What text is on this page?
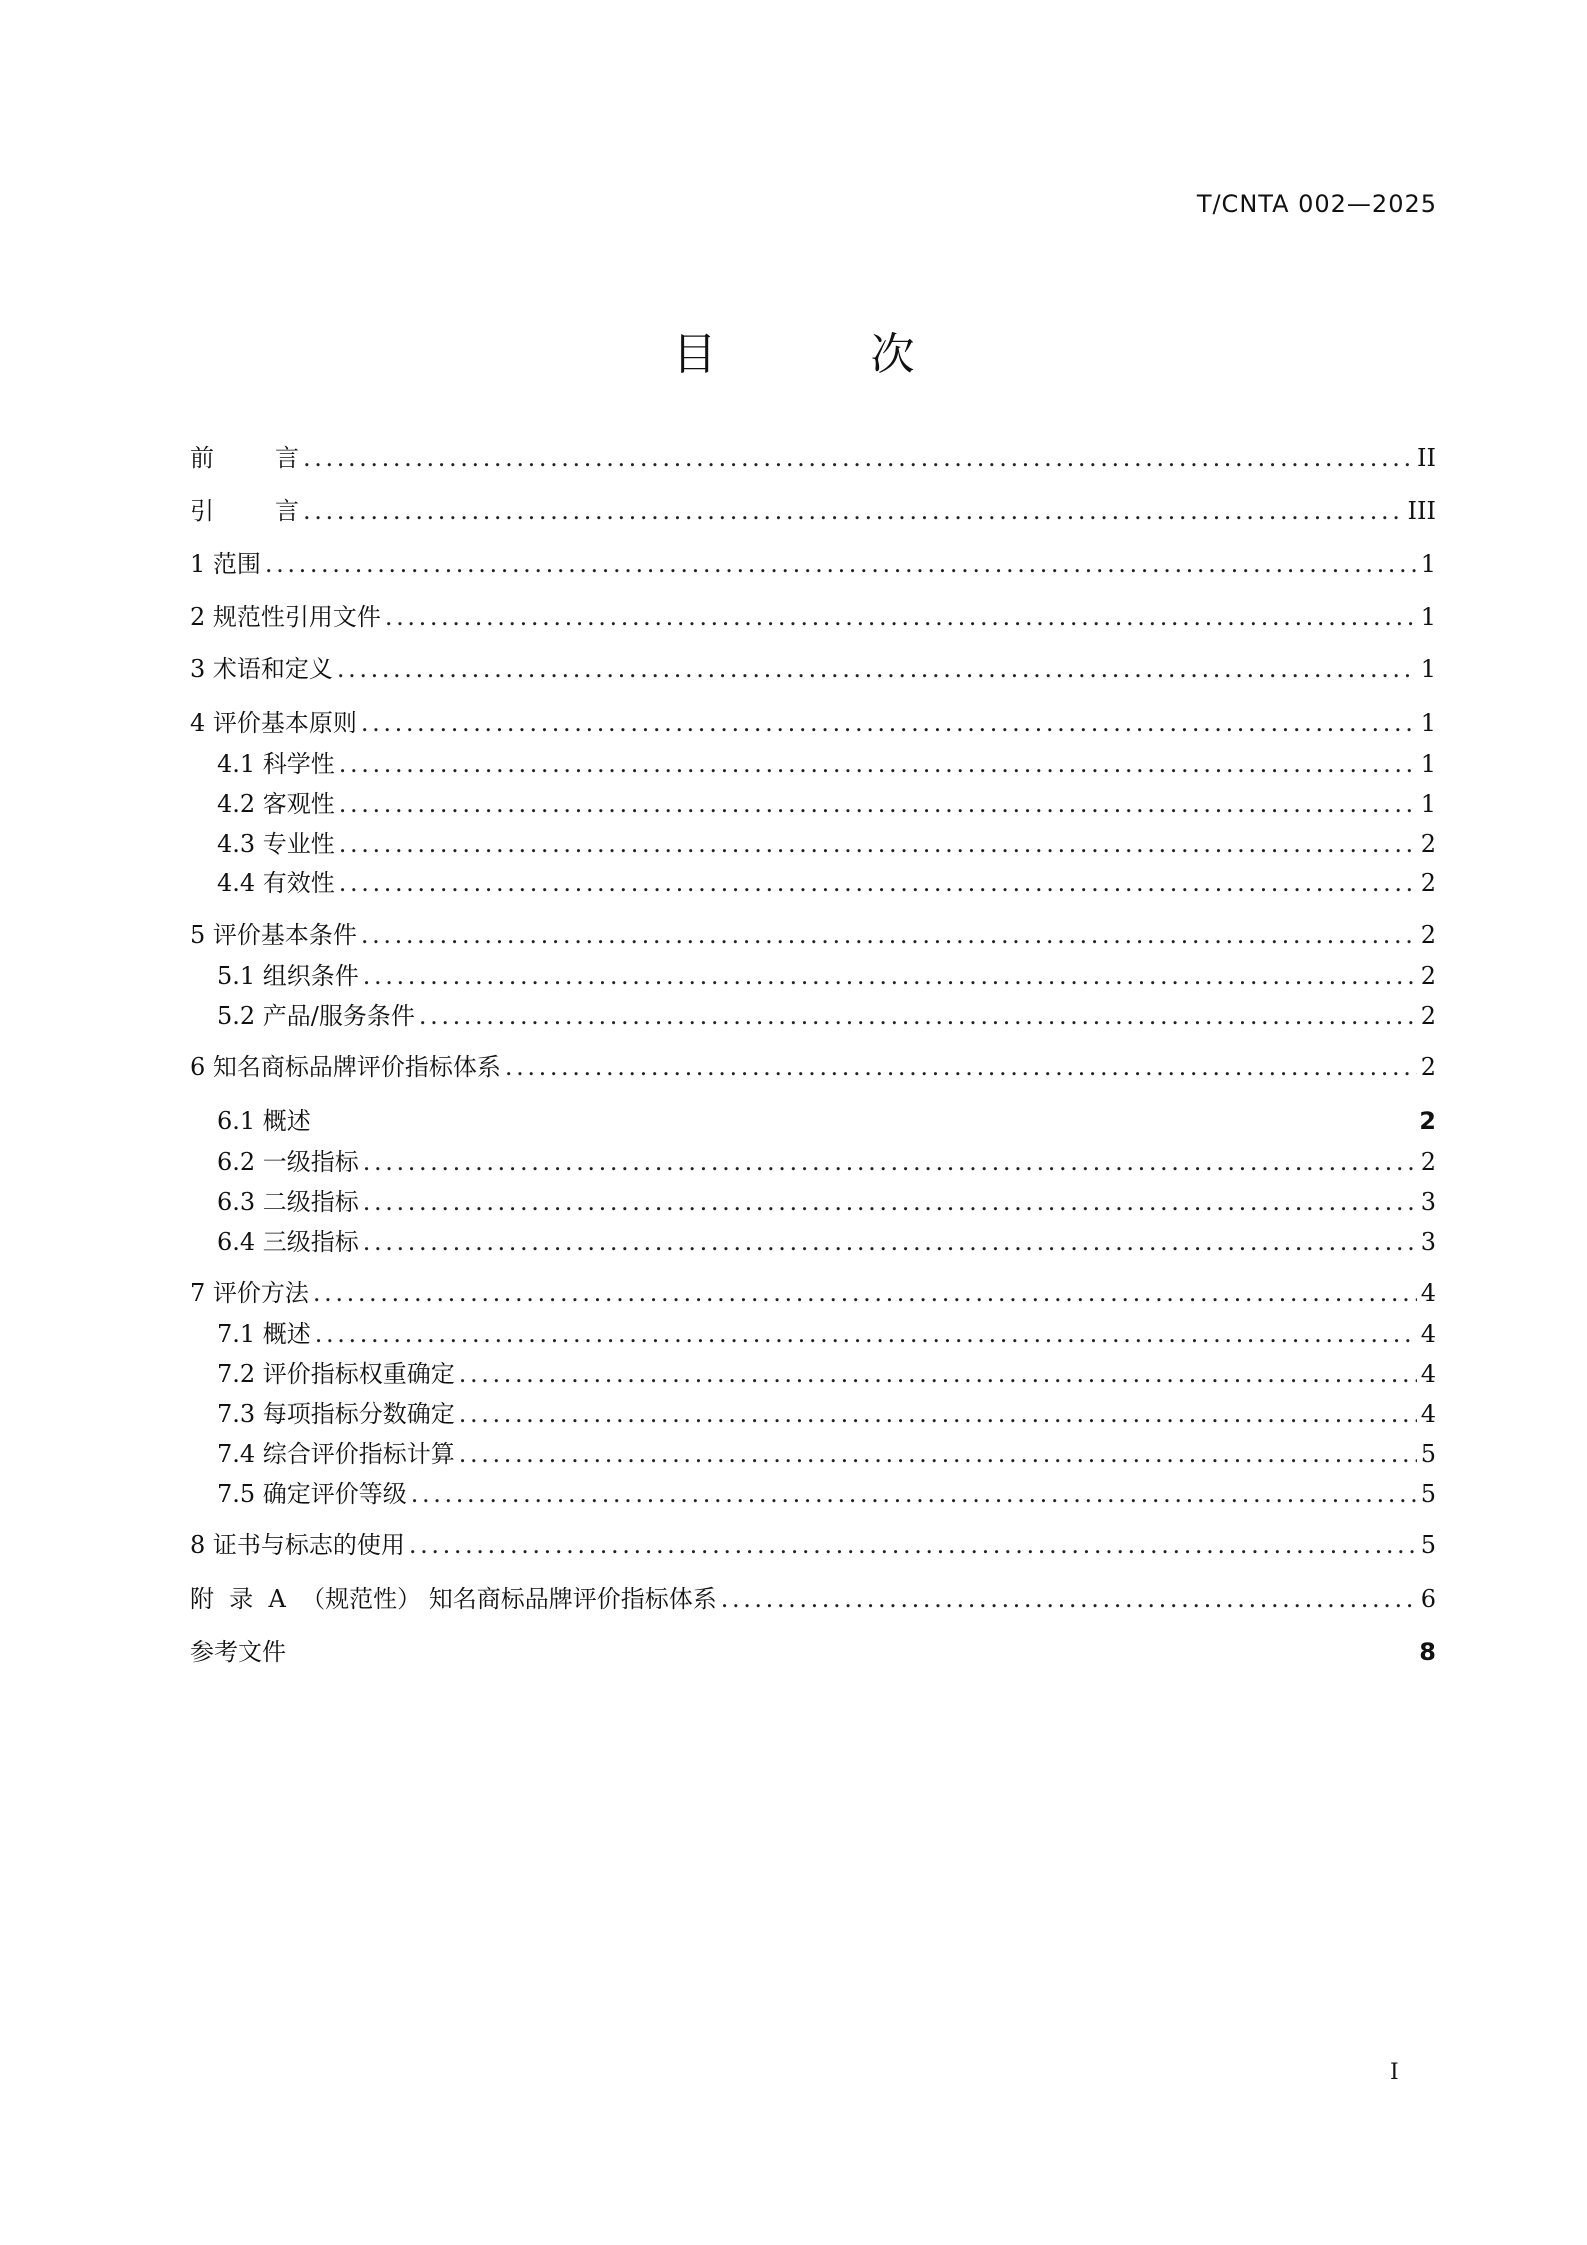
T/CNTA 002—2025
目 次
前        言 .....	II
引        言 .....	III
1 范围 .....	1
2 规范性引用文件 .....	1
3 术语和定义 .....	1
4 评价基本原则 .....	1
4.1 科学性 .....	1
4.2 客观性 .....	1
4.3 专业性 .....	2
4.4 有效性 .....	2
5 评价基本条件 .....	2
5.1 组织条件 .....	2
5.2 产品/服务条件 .....	2
6 知名商标品牌评价指标体系 .....	2
6.1 概述	2
6.2 一级指标 .....	2
6.3 二级指标 .....	3
6.4 三级指标 .....	3
7 评价方法 .....	4
7.1 概述 .....	4
7.2 评价指标权重确定 .....	4
7.3 每项指标分数确定 .....	4
7.4 综合评价指标计算 .....	5
7.5 确定评价等级 .....	5
8 证书与标志的使用 .....	5
附  录  A  （规范性） 知名商标品牌评价指标体系 .....	6
参考文件	8
I
